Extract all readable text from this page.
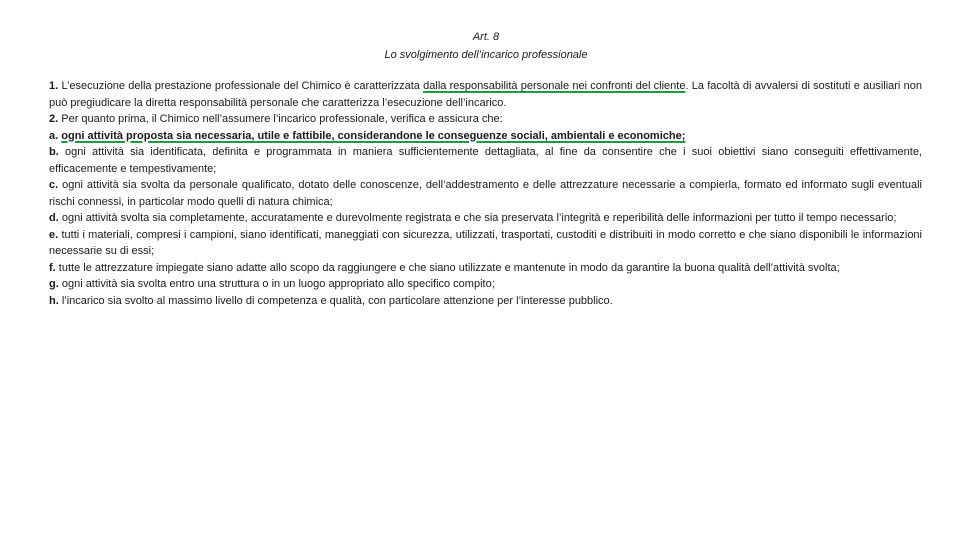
Art. 8
Lo svolgimento dell’incarico professionale

1. L’esecuzione della prestazione professionale del Chimico è caratterizzata dalla responsabilità personale nei confronti del cliente. La facoltà di avvalersi di sostituti e ausiliari non può pregiudicare la diretta responsabilità personale che caratterizza l’esecuzione dell’incarico.

2. Per quanto prima, il Chimico nell’assumere l’incarico professionale, verifica e assicura che:

a. ogni attività proposta sia necessaria, utile e fattibile, considerandone le conseguenze sociali, ambientali e economiche;

b. ogni attività sia identificata, definita e programmata in maniera sufficientemente dettagliata, al fine da consentire che i suoi obiettivi siano conseguiti effettivamente, efficacemente e tempestivamente;

c. ogni attività sia svolta da personale qualificato, dotato delle conoscenze, dell’addestramento e delle attrezzature necessarie a compierla, formato ed informato sugli eventuali rischi connessi, in particolar modo quelli di natura chimica;

d. ogni attività svolta sia completamente, accuratamente e durevolmente registrata e che sia preservata l’integrità e reperibilità delle informazioni per tutto il tempo necessario;

e. tutti i materiali, compresi i campioni, siano identificati, maneggiati con sicurezza, utilizzati, trasportati, custoditi e distribuiti in modo corretto e che siano disponibili le informazioni necessarie su di essi;

f. tutte le attrezzature impiegate siano adatte allo scopo da raggiungere e che siano utilizzate e mantenute in modo da garantire la buona qualità dell’attività svolta;

g. ogni attività sia svolta entro una struttura o in un luogo appropriato allo specifico compito;

h. l’incarico sia svolto al massimo livello di competenza e qualità, con particolare attenzione per l’interesse pubblico.
